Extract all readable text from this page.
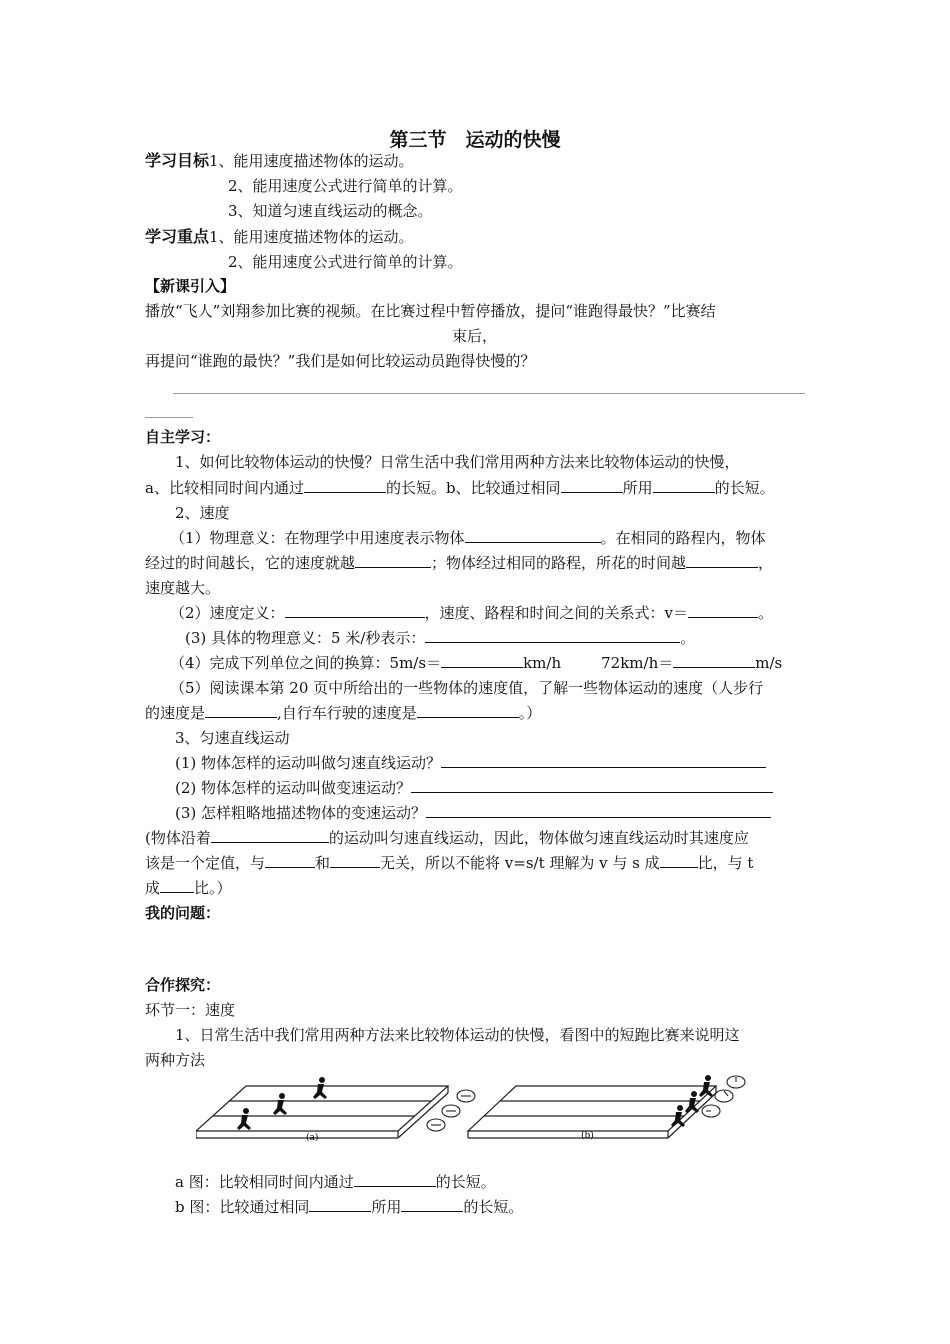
第三节　运动的快慢
学习目标1、能用速度描述物体的运动。
2、能用速度公式进行简单的计算。
3、知道匀速直线运动的概念。
学习重点1、能用速度描述物体的运动。
2、能用速度公式进行简单的计算。
【新课引入】
播放“飞人”刘翔参加比赛的视频。在比赛过程中暂停播放，提问“谁跑得最快？”比赛结
束后，
再提问“谁跑的最快？”我们是如何比较运动员跑得快慢的？
自主学习：
1、如何比较物体运动的快慢？日常生活中我们常用两种方法来比较物体运动的快慢，
a、比较相同时间内通过	的长短。b、比较通过相同	所用	的长短。
2、速度
（1）物理意义：在物理学中用速度表示物体	。在相同的路程内，物体
经过的时间越长，它的速度就越	；物体经过相同的路程，所花的时间越	，
速度越大。
（2）速度定义：	，速度、路程和时间之间的关系式：v＝	。
(3) 具体的物理意义：5 米/秒表示：	。
（4）完成下列单位之间的换算：5m/s＝	km/h	72km/h＝	m/s
（5）阅读课本第 20 页中所给出的一些物体的速度值，了解一些物体运动的速度（人步行
的速度是	,自行车行驶的速度是	。）
3、匀速直线运动
(1) 物体怎样的运动叫做匀速直线运动？
(2) 物体怎样的运动叫做变速运动？
(3) 怎样粗略地描述物体的变速运动？
(物体沿着	的运动叫匀速直线运动，因此，物体做匀速直线运动时其速度应
该是一个定值，与	和	无关，所以不能将 v=s/t 理解为 v 与 s 成	比，与 t
成 比。）
我的问题：
合作探究：
环节一：速度
1、日常生活中我们常用两种方法来比较物体运动的快慢，看图中的短跑比赛来说明这
两种方法
(a)	(b)
a 图：比较相同时间内通过	的长短。
b 图：比较通过相同	所用	的长短。
